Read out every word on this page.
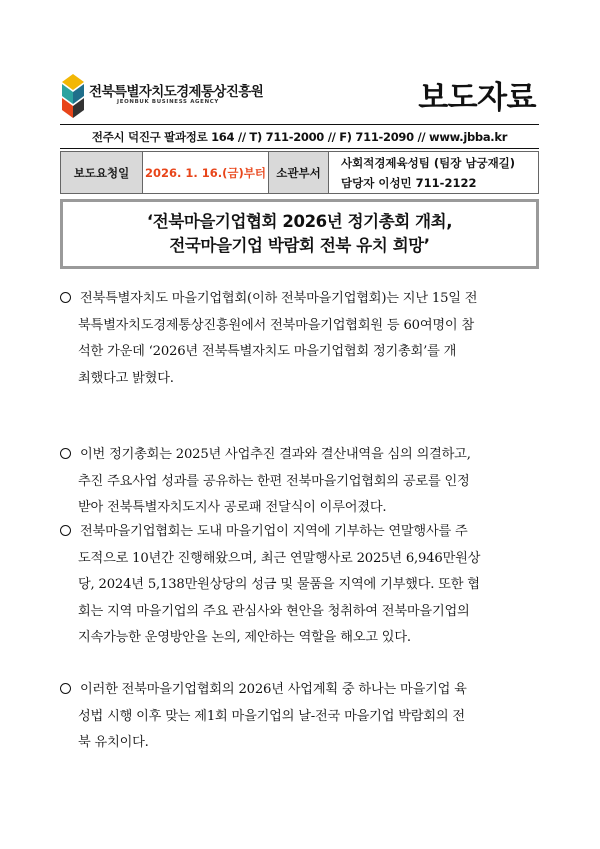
전북특별자치도경제통상진흥원
JEONBUK BUSINESS AGENCY	보도자료
전주시 덕진구 팔과정로 164 // T) 711-2000 // F) 711-2090 // www.jbba.kr
보도요청일	2026. 1. 16.(금)부터 소관부서
사회적경제육성팀 (팀장 남궁재길)
담당자 이성민 711-2122
‘전북마을기업협회 2026년 정기총회 개최,
전국마을기업 박람회 전북 유치 희망’
전북특별자치도 마을기업협회(이하 전북마을기업협회)는 지난 15일 전
북특별자치도경제통상진흥원에서 전북마을기업협회원 등 60여명이 참
석한 가운데 ‘2026년 전북특별자치도 마을기업협회 정기총회’를 개
최했다고 밝혔다.
이번 정기총회는 2025년 사업추진 결과와 결산내역을 심의 의결하고,
추진 주요사업 성과를 공유하는 한편 전북마을기업협회의 공로를 인정
받아 전북특별자치도지사 공로패 전달식이 이루어졌다.
전북마을기업협회는 도내 마을기업이 지역에 기부하는 연말행사를 주
도적으로 10년간 진행해왔으며, 최근 연말행사로 2025년 6,946만원상
당, 2024년 5,138만원상당의 성금 및 물품을 지역에 기부했다. 또한 협
회는 지역 마을기업의 주요 관심사와 현안을 청취하여 전북마을기업의
지속가능한 운영방안을 논의, 제안하는 역할을 해오고 있다.
이러한 전북마을기업협회의 2026년 사업계획 중 하나는 마을기업 육
성법 시행 이후 맞는 제1회 마을기업의 날-전국 마을기업 박람회의 전
북 유치이다.
